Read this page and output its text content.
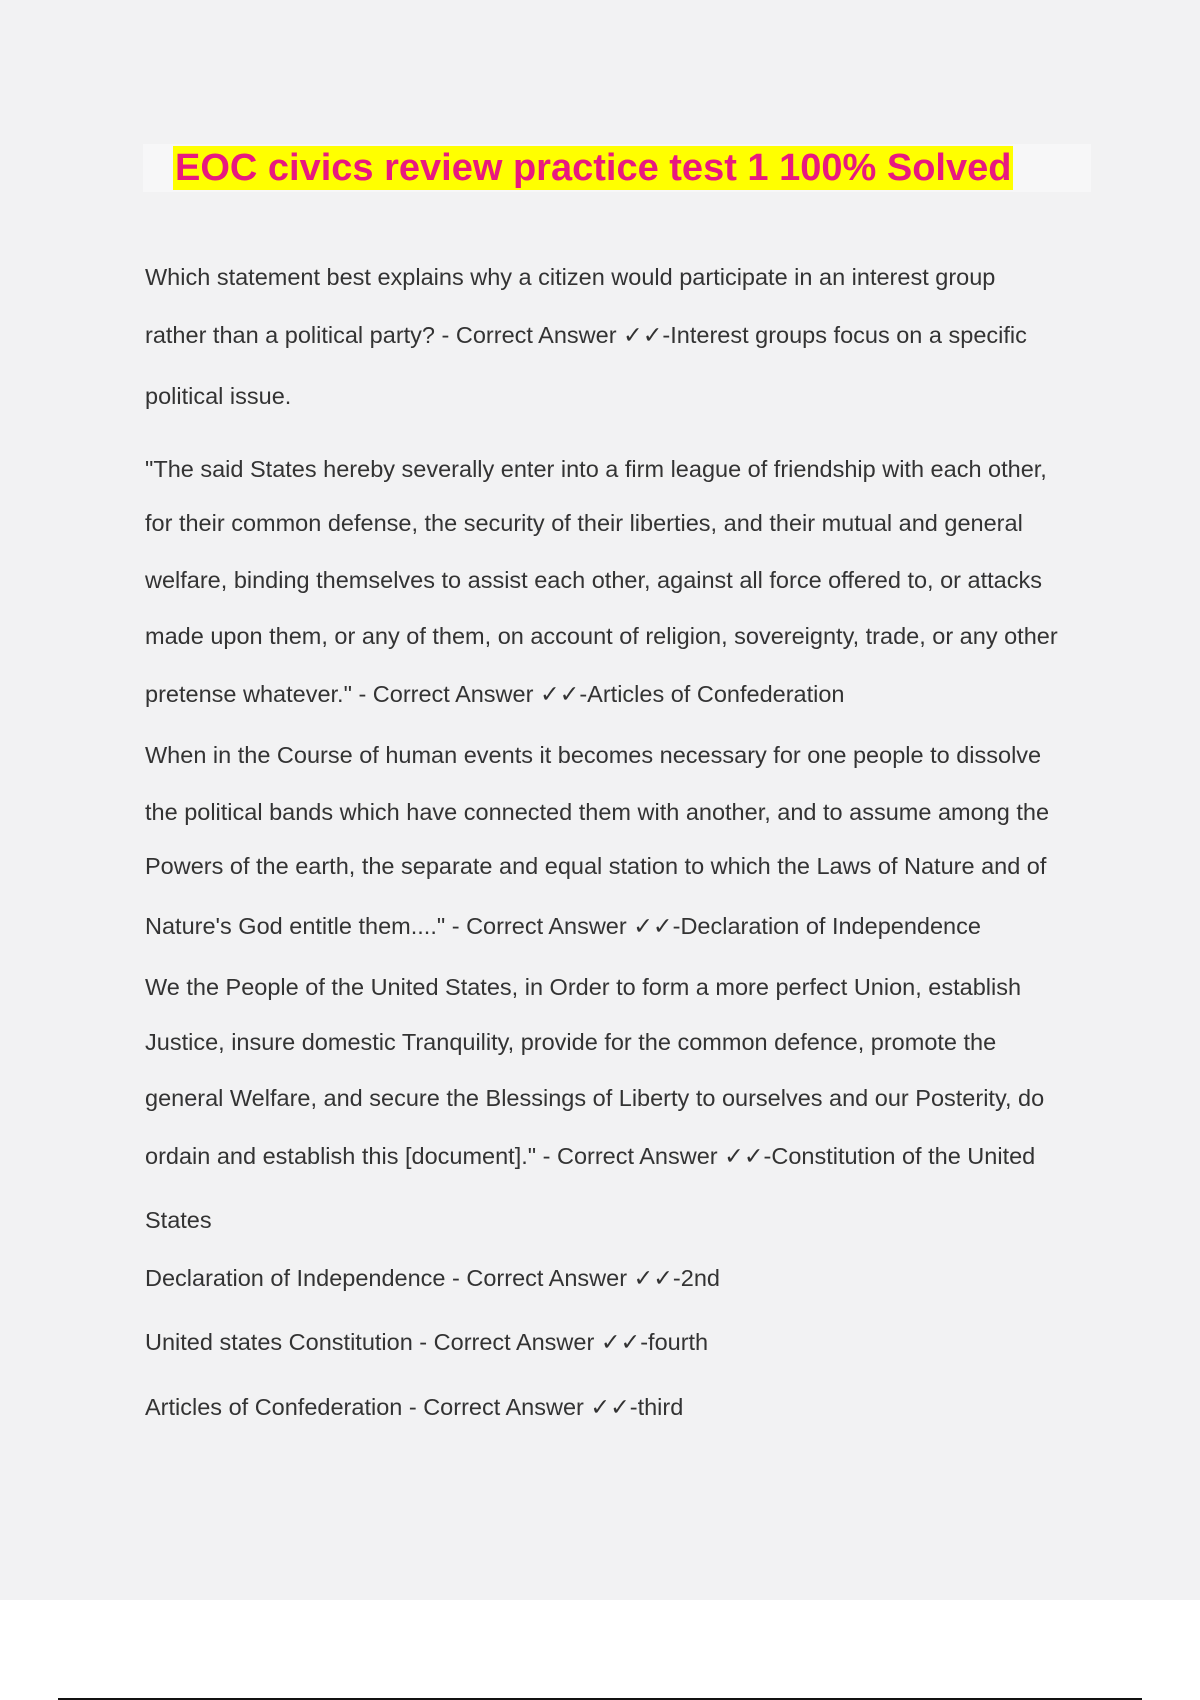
EOC civics review practice test 1 100% Solved

Which statement best explains why a citizen would participate in an interest group

rather than a political party? - Correct Answer ✓✓-Interest groups focus on a specific

political issue.

"The said States hereby severally enter into a firm league of friendship with each other,

for their common defense, the security of their liberties, and their mutual and general

welfare, binding themselves to assist each other, against all force offered to, or attacks

made upon them, or any of them, on account of religion, sovereignty, trade, or any other

pretense whatever." - Correct Answer ✓✓-Articles of Confederation

When in the Course of human events it becomes necessary for one people to dissolve

the political bands which have connected them with another, and to assume among the

Powers of the earth, the separate and equal station to which the Laws of Nature and of

Nature's God entitle them...." - Correct Answer ✓✓-Declaration of Independence

We the People of the United States, in Order to form a more perfect Union, establish

Justice, insure domestic Tranquility, provide for the common defence, promote the

general Welfare, and secure the Blessings of Liberty to ourselves and our Posterity, do

ordain and establish this [document]." - Correct Answer ✓✓-Constitution of the United

States

Declaration of Independence - Correct Answer ✓✓-2nd

United states Constitution - Correct Answer ✓✓-fourth

Articles of Confederation - Correct Answer ✓✓-third
